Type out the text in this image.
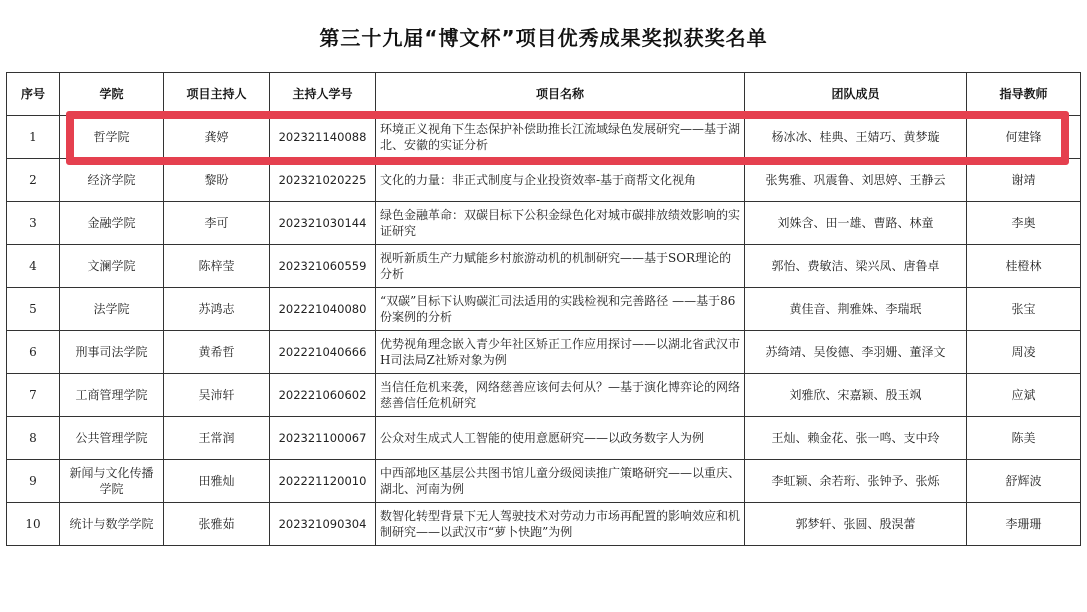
第三十九届“博文杯”项目优秀成果奖拟获奖名单
序号	学院	项目主持人	主持人学号	项目名称	团队成员	指导教师
1	哲学院	龚婷	202321140088	环境正义视角下生态保护补偿助推长江流域绿色发展研究——基于湖北、安徽的实证分析	杨冰冰、桂典、王婧巧、黄梦璇	何建锋
2	经济学院	黎盼	202321020225	文化的力量：非正式制度与企业投资效率-基于商帮文化视角	张隽雅、巩震鲁、刘思婷、王静云	谢靖
3	金融学院	李可	202321030144	绿色金融革命：双碳目标下公积金绿色化对城市碳排放绩效影响的实证研究	刘姝含、田一雄、曹路、林童	李奥
4	文澜学院	陈梓莹	202321060559	视听新质生产力赋能乡村旅游动机的机制研究——基于SOR理论的分析	郭怡、费敏洁、梁兴凤、唐鲁卓	桂橙林
5	法学院	苏鸿志	202221040080	“双碳”目标下认购碳汇司法适用的实践检视和完善路径 ——基于86份案例的分析	黄佳音、荆雅姝、李瑞珉	张宝
6	刑事司法学院	黄希哲	202221040666	优势视角理念嵌入青少年社区矫正工作应用探讨——以湖北省武汉市H司法局Z社矫对象为例	苏绮靖、吴俊德、李羽姗、董泽文	周凌
7	工商管理学院	吴沛轩	202221060602	当信任危机来袭，网络慈善应该何去何从？—基于演化博弈论的网络慈善信任危机研究	刘雅欣、宋嘉颖、殷玉飒	应斌
8	公共管理学院	王常润	202321100067	公众对生成式人工智能的使用意愿研究——以政务数字人为例	王灿、赖金花、张一鸣、支中玲	陈美
9	新闻与文化传播学院	田雅灿	202221120010	中西部地区基层公共图书馆儿童分级阅读推广策略研究——以重庆、湖北、河南为例	李虹颖、余若珩、张钟予、张烁	舒辉波
10	统计与数学学院	张雅茹	202321090304	数智化转型背景下无人驾驶技术对劳动力市场再配置的影响效应和机制研究——以武汉市“萝卜快跑”为例	郭梦轩、张圆、殷淏蕾	李珊珊
